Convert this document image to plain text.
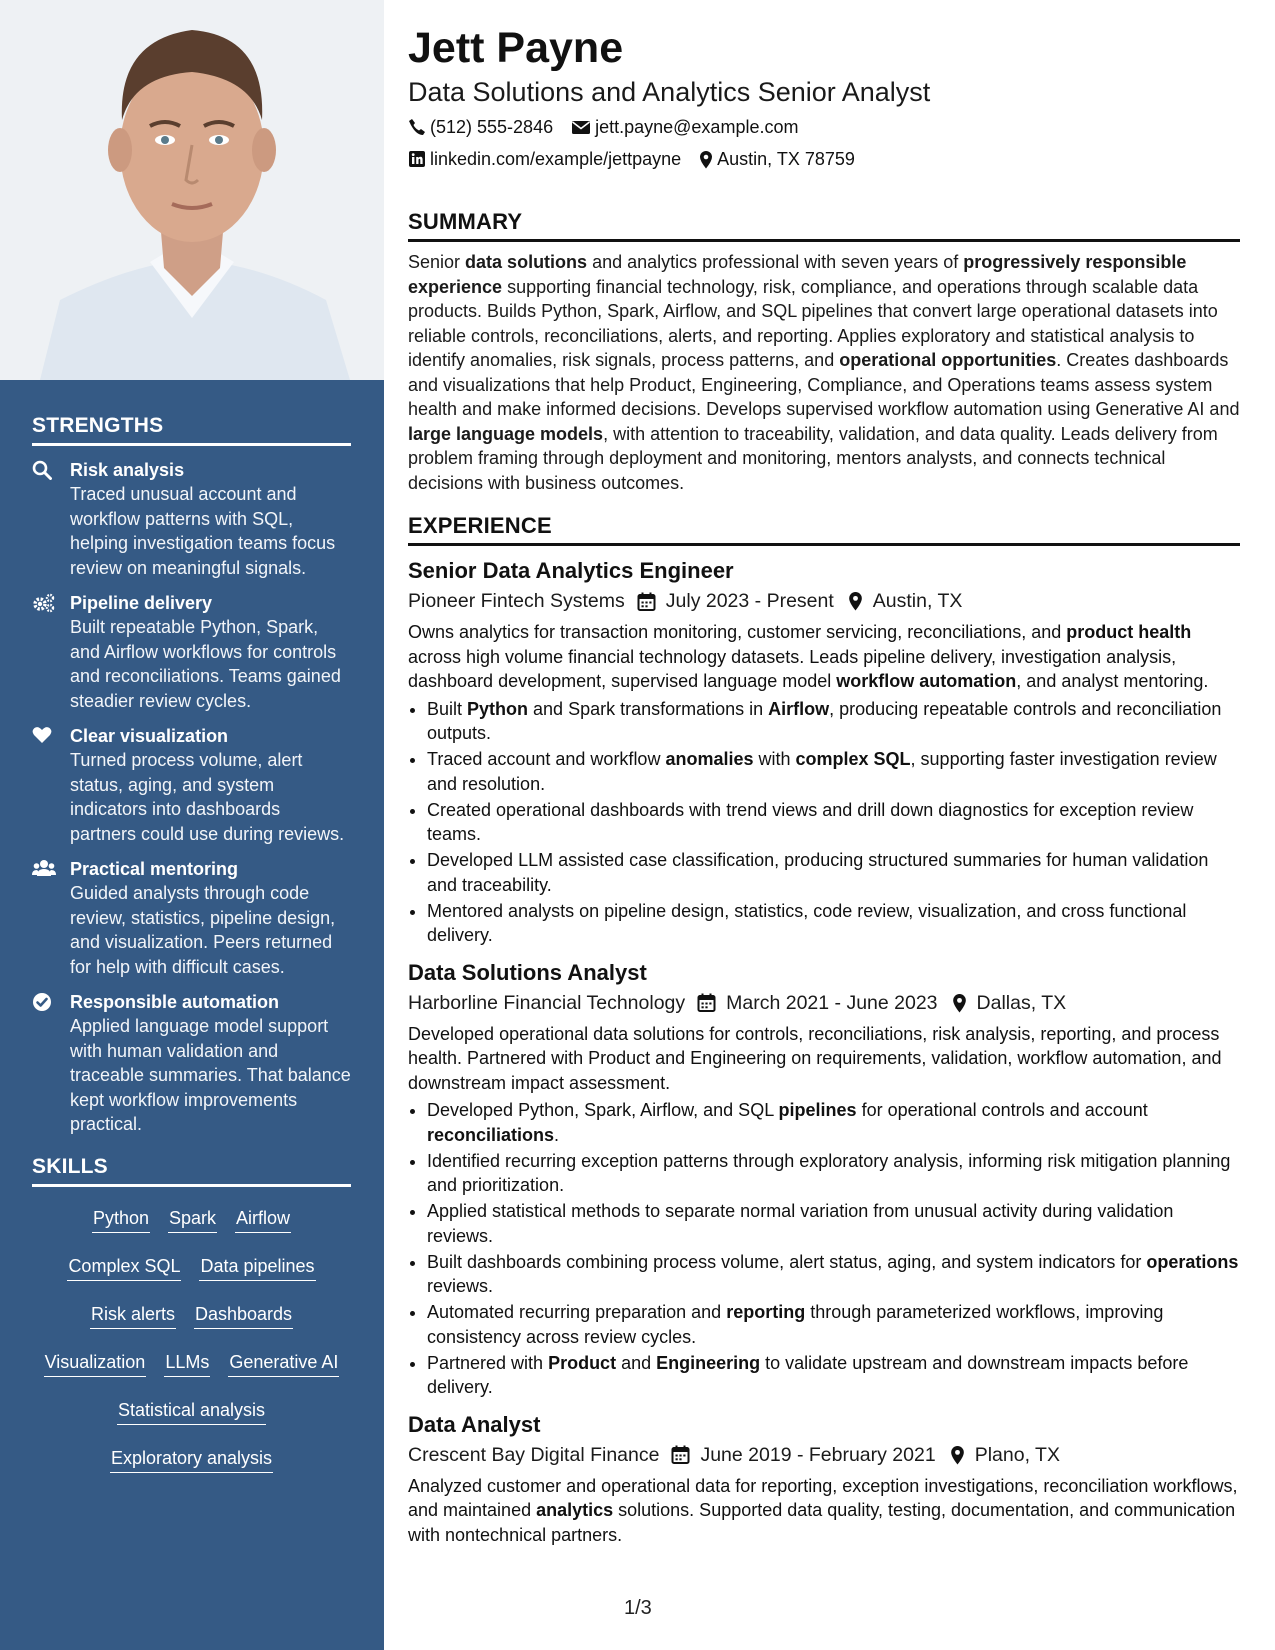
STRENGTHS
Risk analysis
Traced unusual account and workflow patterns with SQL, helping investigation teams focus review on meaningful signals.
Pipeline delivery
Built repeatable Python, Spark, and Airflow workflows for controls and reconciliations. Teams gained steadier review cycles.
Clear visualization
Turned process volume, alert status, aging, and system indicators into dashboards partners could use during reviews.
Practical mentoring
Guided analysts through code review, statistics, pipeline design, and visualization. Peers returned for help with difficult cases.
Responsible automation
Applied language model support with human validation and traceable summaries. That balance kept workflow improvements practical.
SKILLS
Python Spark Airflow
Complex SQL Data pipelines
Risk alerts Dashboards
Visualization LLMs Generative AI
Statistical analysis
Exploratory analysis
Jett Payne
Data Solutions and Analytics Senior Analyst
(512) 555-2846 jett.payne@example.com
linkedin.com/example/jettpayne Austin, TX 78759
SUMMARY
Senior data solutions and analytics professional with seven years of progressively responsible experience supporting financial technology, risk, compliance, and operations through scalable data products. Builds Python, Spark, Airflow, and SQL pipelines that convert large operational datasets into reliable controls, reconciliations, alerts, and reporting. Applies exploratory and statistical analysis to identify anomalies, risk signals, process patterns, and operational opportunities. Creates dashboards and visualizations that help Product, Engineering, Compliance, and Operations teams assess system health and make informed decisions. Develops supervised workflow automation using Generative AI and large language models, with attention to traceability, validation, and data quality. Leads delivery from problem framing through deployment and monitoring, mentors analysts, and connects technical decisions with business outcomes.
EXPERIENCE
Senior Data Analytics Engineer
Pioneer Fintech Systems July 2023 - Present Austin, TX
Owns analytics for transaction monitoring, customer servicing, reconciliations, and product health across high volume financial technology datasets. Leads pipeline delivery, investigation analysis, dashboard development, supervised language model workflow automation, and analyst mentoring.
• Built Python and Spark transformations in Airflow, producing repeatable controls and reconciliation outputs.
• Traced account and workflow anomalies with complex SQL, supporting faster investigation review and resolution.
• Created operational dashboards with trend views and drill down diagnostics for exception review teams.
• Developed LLM assisted case classification, producing structured summaries for human validation and traceability.
• Mentored analysts on pipeline design, statistics, code review, visualization, and cross functional delivery.
Data Solutions Analyst
Harborline Financial Technology March 2021 - June 2023 Dallas, TX
Developed operational data solutions for controls, reconciliations, risk analysis, reporting, and process health. Partnered with Product and Engineering on requirements, validation, workflow automation, and downstream impact assessment.
• Developed Python, Spark, Airflow, and SQL pipelines for operational controls and account reconciliations.
• Identified recurring exception patterns through exploratory analysis, informing risk mitigation planning and prioritization.
• Applied statistical methods to separate normal variation from unusual activity during validation reviews.
• Built dashboards combining process volume, alert status, aging, and system indicators for operations reviews.
• Automated recurring preparation and reporting through parameterized workflows, improving consistency across review cycles.
• Partnered with Product and Engineering to validate upstream and downstream impacts before delivery.
Data Analyst
Crescent Bay Digital Finance June 2019 - February 2021 Plano, TX
Analyzed customer and operational data for reporting, exception investigations, reconciliation workflows, and maintained analytics solutions. Supported data quality, testing, documentation, and communication with nontechnical partners.
1/3
